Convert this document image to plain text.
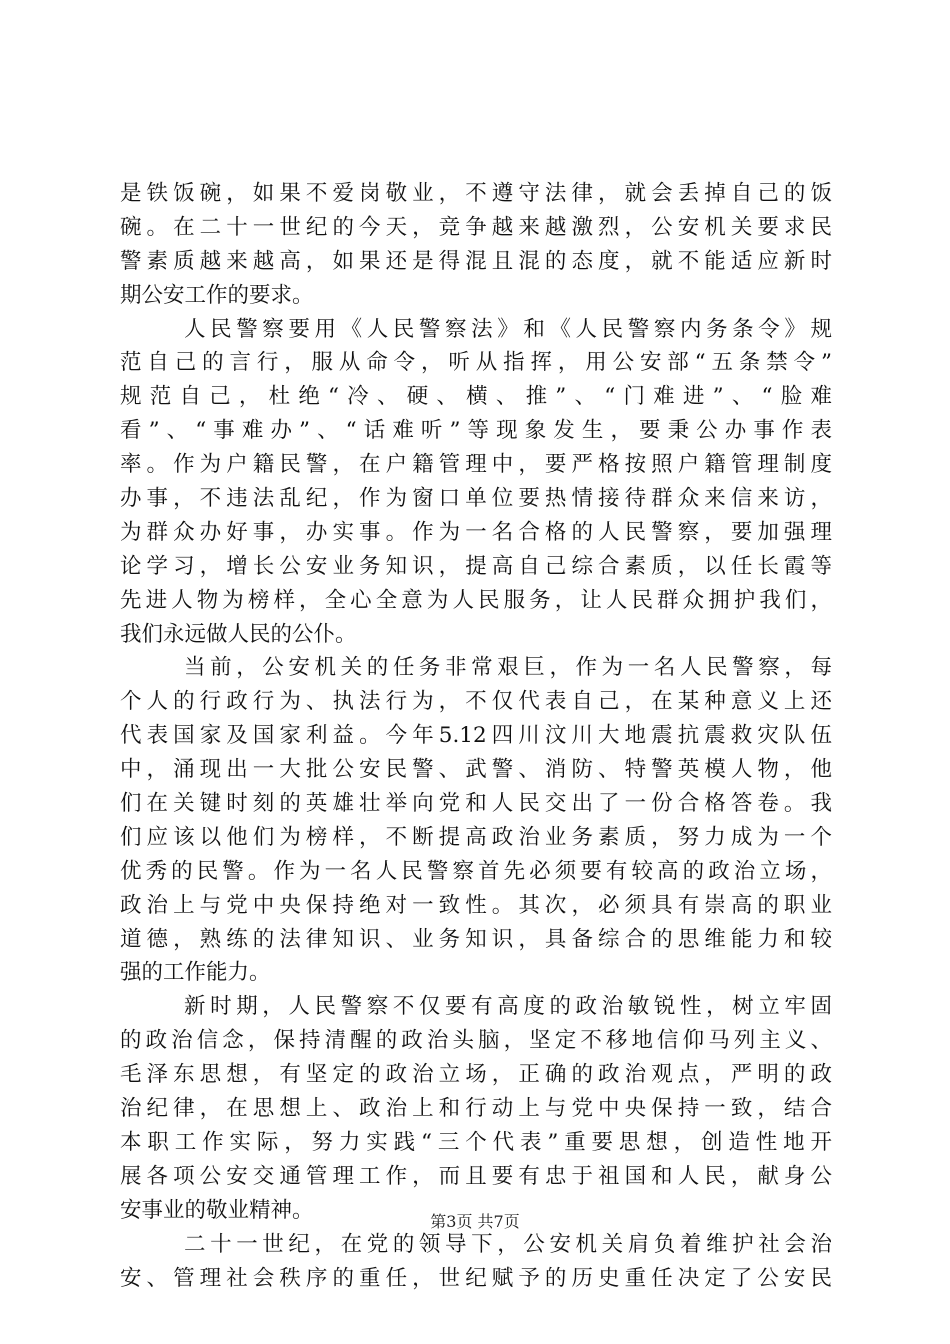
是铁饭碗，如果不爱岗敬业，不遵守法律，就会丢掉自己的饭
碗。在二十一世纪的今天，竞争越来越激烈，公安机关要求民
警素质越来越高，如果还是得混且混的态度，就不能适应新时
期公安工作的要求。
人民警察要用《人民警察法》和《人民警察内务条令》规
范自己的言行，服从命令，听从指挥，用公安部“五条禁令”
规范自己，杜绝“冷、硬、横、推”、“门难进”、“脸难
看”、“事难办”、“话难听”等现象发生，要秉公办事作表
率。作为户籍民警，在户籍管理中，要严格按照户籍管理制度
办事，不违法乱纪，作为窗口单位要热情接待群众来信来访，
为群众办好事，办实事。作为一名合格的人民警察，要加强理
论学习，增长公安业务知识，提高自己综合素质，以任长霞等
先进人物为榜样，全心全意为人民服务，让人民群众拥护我们，
我们永远做人民的公仆。
当前，公安机关的任务非常艰巨，作为一名人民警察，每
个人的行政行为、执法行为，不仅代表自己，在某种意义上还
代表国家及国家利益。今年5.12四川汶川大地震抗震救灾队伍
中，涌现出一大批公安民警、武警、消防、特警英模人物，他
们在关键时刻的英雄壮举向党和人民交出了一份合格答卷。我
们应该以他们为榜样，不断提高政治业务素质，努力成为一个
优秀的民警。作为一名人民警察首先必须要有较高的政治立场，
政治上与党中央保持绝对一致性。其次，必须具有崇高的职业
道德，熟练的法律知识、业务知识，具备综合的思维能力和较
强的工作能力。
新时期，人民警察不仅要有高度的政治敏锐性，树立牢固
的政治信念，保持清醒的政治头脑，坚定不移地信仰马列主义、
毛泽东思想，有坚定的政治立场，正确的政治观点，严明的政
治纪律，在思想上、政治上和行动上与党中央保持一致，结合
本职工作实际，努力实践“三个代表”重要思想，创造性地开
展各项公安交通管理工作，而且要有忠于祖国和人民，献身公
安事业的敬业精神。
二十一世纪，在党的领导下，公安机关肩负着维护社会治
安、管理社会秩序的重任，世纪赋予的历史重任决定了公安民
第3页 共7页
